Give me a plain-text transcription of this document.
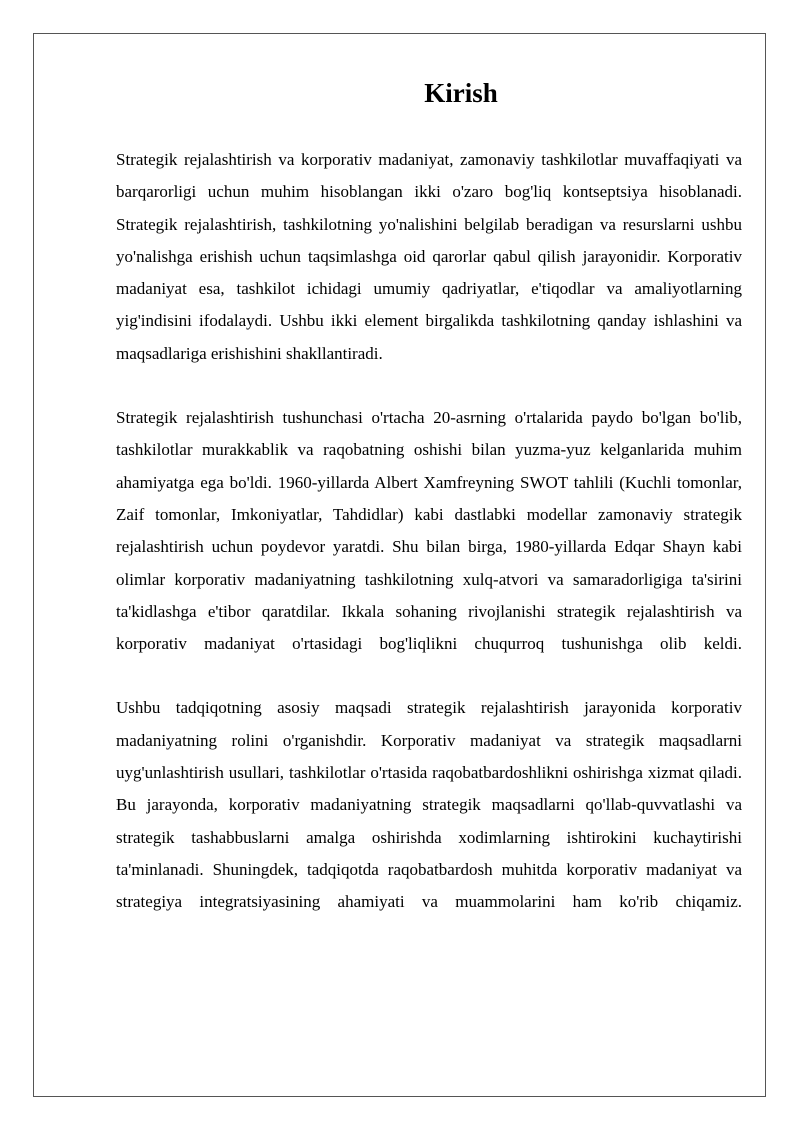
Kirish

Strategik rejalashtirish va korporativ madaniyat, zamonaviy tashkilotlar muvaffaqiyati va barqarorligi uchun muhim hisoblangan ikki o'zaro bog'liq kontseptsiya hisoblanadi. Strategik rejalashtirish, tashkilotning yo'nalishini belgilab beradigan va resurslarni ushbu yo'nalishga erishish uchun taqsimlashga oid qarorlar qabul qilish jarayonidir. Korporativ madaniyat esa, tashkilot ichidagi umumiy qadriyatlar, e'tiqodlar va amaliyotlarning yig'indisini ifodalaydi. Ushbu ikki element birgalikda tashkilotning qanday ishlashini va maqsadlariga erishishini shakllantiradi.

Strategik rejalashtirish tushunchasi o'rtacha 20-asrning o'rtalarida paydo bo'lgan bo'lib, tashkilotlar murakkablik va raqobatning oshishi bilan yuzma-yuz kelganlarida muhim ahamiyatga ega bo'ldi. 1960-yillarda Albert Xamfreyning SWOT tahlili (Kuchli tomonlar, Zaif tomonlar, Imkoniyatlar, Tahdidlar) kabi dastlabki modellar zamonaviy strategik rejalashtirish uchun poydevor yaratdi. Shu bilan birga, 1980-yillarda Edqar Shayn kabi olimlar korporativ madaniyatning tashkilotning xulq-atvori va samaradorligiga ta'sirini ta'kidlashga e'tibor qaratdilar. Ikkala sohaning rivojlanishi strategik rejalashtirish va korporativ madaniyat o'rtasidagi bog'liqlikni chuqurroq tushunishga olib keldi.

Ushbu tadqiqotning asosiy maqsadi strategik rejalashtirish jarayonida korporativ madaniyatning rolini o'rganishdir. Korporativ madaniyat va strategik maqsadlarni uyg'unlashtirish usullari, tashkilotlar o'rtasida raqobatbardoshlikni oshirishga xizmat qiladi. Bu jarayonda, korporativ madaniyatning strategik maqsadlarni qo'llab-quvvatlashi va strategik tashabbuslarni amalga oshirishda xodimlarning ishtirokini kuchaytirishi ta'minlanadi. Shuningdek, tadqiqotda raqobatbardosh muhitda korporativ madaniyat va strategiya integratsiyasining ahamiyati va muammolarini ham ko'rib chiqamiz.
